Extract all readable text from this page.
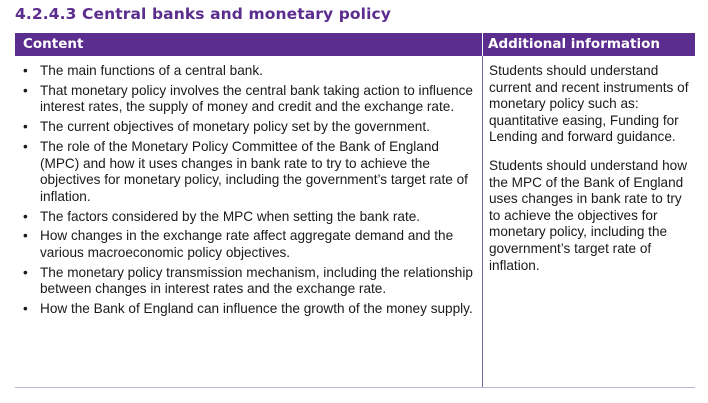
4.2.4.3 Central banks and monetary policy
Content	Additional information
• The main functions of a central bank.
• That monetary policy involves the central bank taking action to influence interest rates, the supply of money and credit and the exchange rate.
• The current objectives of monetary policy set by the government.
• The role of the Monetary Policy Committee of the Bank of England (MPC) and how it uses changes in bank rate to try to achieve the objectives for monetary policy, including the government’s target rate of inflation.
• The factors considered by the MPC when setting the bank rate.
• How changes in the exchange rate affect aggregate demand and the various macroeconomic policy objectives.
• The monetary policy transmission mechanism, including the relationship between changes in interest rates and the exchange rate.
• How the Bank of England can influence the growth of the money supply.

Students should understand current and recent instruments of monetary policy such as: quantitative easing, Funding for Lending and forward guidance.

Students should understand how the MPC of the Bank of England uses changes in bank rate to try to achieve the objectives for monetary policy, including the government’s target rate of inflation.
